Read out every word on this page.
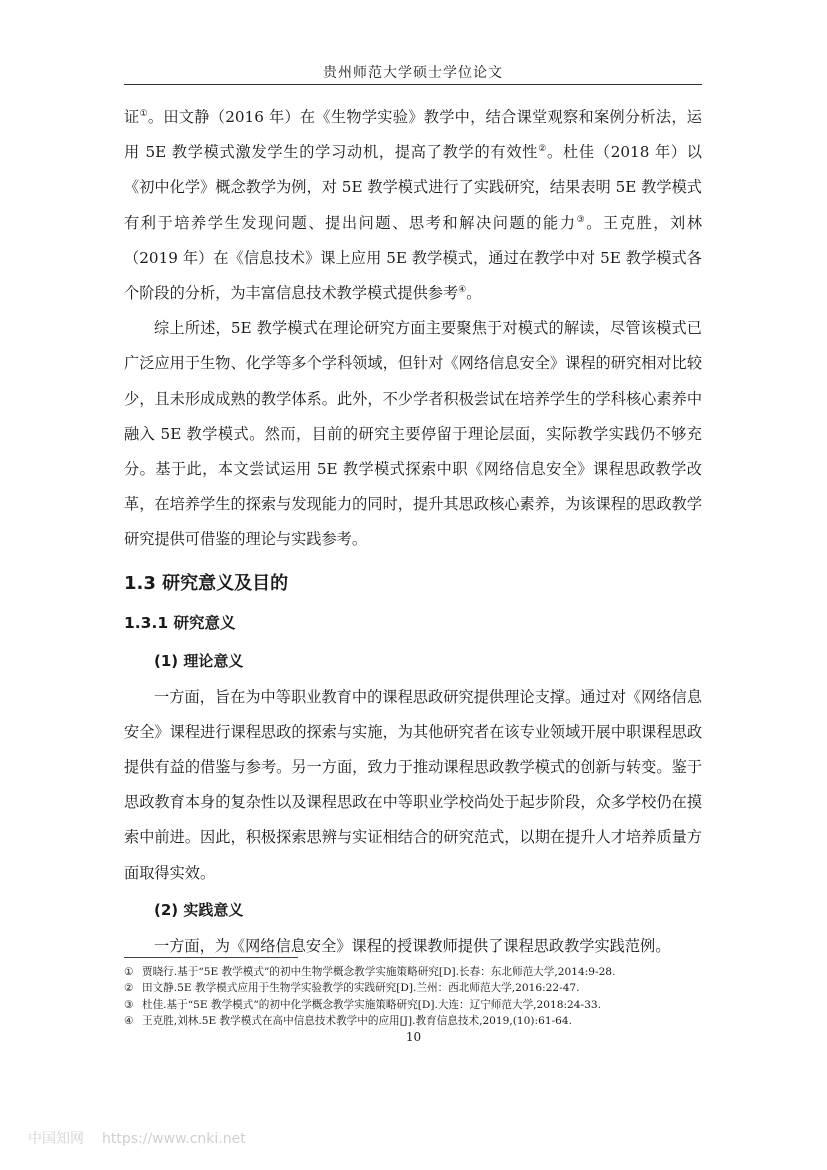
贵州师范大学硕士学位论文

证①。田文静（2016 年）在《生物学实验》教学中，结合课堂观察和案例分析法，运用 5E 教学模式激发学生的学习动机，提高了教学的有效性②。杜佳（2018 年）以《初中化学》概念教学为例，对 5E 教学模式进行了实践研究，结果表明 5E 教学模式有利于培养学生发现问题、提出问题、思考和解决问题的能力③。王克胜，刘林（2019 年）在《信息技术》课上应用 5E 教学模式，通过在教学中对 5E 教学模式各个阶段的分析，为丰富信息技术教学模式提供参考④。

综上所述，5E 教学模式在理论研究方面主要聚焦于对模式的解读，尽管该模式已广泛应用于生物、化学等多个学科领域，但针对《网络信息安全》课程的研究相对比较少，且未形成成熟的教学体系。此外，不少学者积极尝试在培养学生的学科核心素养中融入 5E 教学模式。然而，目前的研究主要停留于理论层面，实际教学实践仍不够充分。基于此，本文尝试运用 5E 教学模式探索中职《网络信息安全》课程思政教学改革，在培养学生的探索与发现能力的同时，提升其思政核心素养，为该课程的思政教学研究提供可借鉴的理论与实践参考。

1.3 研究意义及目的
1.3.1 研究意义
(1) 理论意义

一方面，旨在为中等职业教育中的课程思政研究提供理论支撑。通过对《网络信息安全》课程进行课程思政的探索与实施，为其他研究者在该专业领域开展中职课程思政提供有益的借鉴与参考。另一方面，致力于推动课程思政教学模式的创新与转变。鉴于思政教育本身的复杂性以及课程思政在中等职业学校尚处于起步阶段，众多学校仍在摸索中前进。因此，积极探索思辨与实证相结合的研究范式，以期在提升人才培养质量方面取得实效。

(2) 实践意义

一方面，为《网络信息安全》课程的授课教师提供了课程思政教学实践范例。

① 贾晓行.基于“5E 教学模式”的初中生物学概念教学实施策略研究[D].长春：东北师范大学,2014:9-28.
② 田文静.5E 教学模式应用于生物学实验教学的实践研究[D].兰州：西北师范大学,2016:22-47.
③ 杜佳.基于“5E 教学模式”的初中化学概念教学实施策略研究[D].大连：辽宁师范大学,2018:24-33.
④ 王克胜,刘林.5E 教学模式在高中信息技术教学中的应用[J].教育信息技术,2019,(10):61-64.
10
中国知网 https://www.cnki.net
